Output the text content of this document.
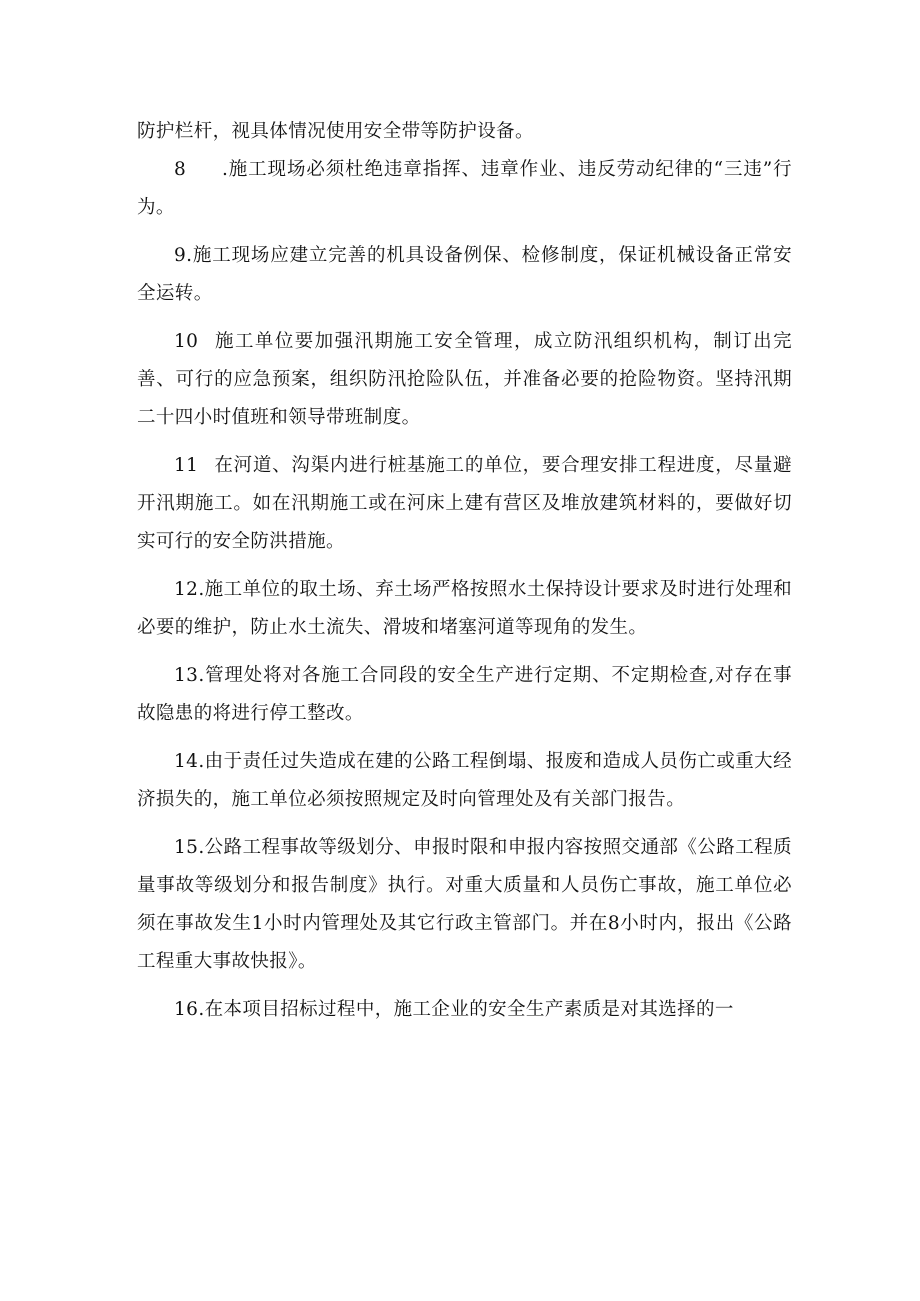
防护栏杆，视具体情况使用安全带等防护设备。

8 .施工现场必须杜绝违章指挥、违章作业、违反劳动纪律的“三违”行为。

9.施工现场应建立完善的机具设备例保、检修制度，保证机械设备正常安全运转。

10 施工单位要加强汛期施工安全管理，成立防汛组织机构，制订出完善、可行的应急预案，组织防汛抢险队伍，并准备必要的抢险物资。坚持汛期二十四小时值班和领导带班制度。

11 在河道、沟渠内进行桩基施工的单位，要合理安排工程进度，尽量避开汛期施工。如在汛期施工或在河床上建有营区及堆放建筑材料的，要做好切实可行的安全防洪措施。

12.施工单位的取土场、弃土场严格按照水土保持设计要求及时进行处理和必要的维护，防止水土流失、滑坡和堵塞河道等现角的发生。

13.管理处将对各施工合同段的安全生产进行定期、不定期检查,对存在事故隐患的将进行停工整改。

14.由于责任过失造成在建的公路工程倒塌、报废和造成人员伤亡或重大经济损失的，施工单位必须按照规定及时向管理处及有关部门报告。

15.公路工程事故等级划分、申报时限和申报内容按照交通部《公路工程质量事故等级划分和报告制度》执行。对重大质量和人员伤亡事故，施工单位必须在事故发生1小时内管理处及其它行政主管部门。并在8小时内，报出《公路工程重大事故快报》。

16.在本项目招标过程中，施工企业的安全生产素质是对其选择的一
